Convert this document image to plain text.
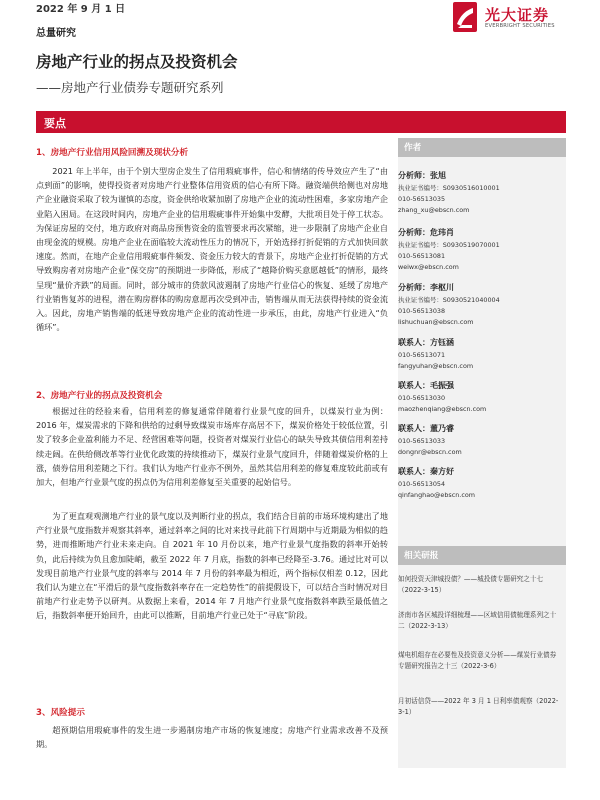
2022 年 9 月 1 日
总量研究
光大证券
EVERBRIGHT SECURITIES
房地产行业的拐点及投资机会
——房地产行业债券专题研究系列
要点
1、房地产行业信用风险回溯及现状分析

2021 年上半年，由于个别大型房企发生了信用瑕疵事件，信心和情绪的传导效应产生了“由点到面”的影响，使得投资者对房地产行业整体信用资质的信心有所下降。融资端供给侧也对房地产企业融资采取了较为谨慎的态度，资金供给收紧加剧了房地产企业的流动性困难，多家房地产企业陷入困局。在这段时间内，房地产企业的信用瑕疵事件开始集中发酵，大批项目处于停工状态。为保证房屋的交付，地方政府对商品房预售资金的监管要求再次紧缩，进一步限制了房地产企业自由现金流的规模。房地产企业在面临较大流动性压力的情况下，开始选择打折促销的方式加快回款速度。然而，在地产企业信用瑕疵事件频发、资金压力较大的背景下，房地产企业打折促销的方式导致购房者对房地产企业“保交房”的预期进一步降低，形成了“越降价购买意愿越低”的情形，最终呈现“量价齐跌”的局面。同时，部分城市的贷款风波遏制了房地产行业信心的恢复、延缓了房地产行业销售复苏的进程，潜在购房群体的购房意愿再次受到冲击，销售端从而无法获得持续的资金流入。因此，房地产销售端的低迷导致房地产企业的流动性进一步承压，由此，房地产行业进入“负循环”。

2、房地产行业的拐点及投资机会

根据过往的经验来看，信用利差的修复通常伴随着行业景气度的回升，以煤炭行业为例：2016 年，煤炭需求的下降和供给的过剩导致煤炭市场库存高居不下，煤炭价格处于较低位置，引发了较多企业盈利能力不足、经营困难等问题，投资者对煤炭行业信心的缺失导致其债信用利差持续走阔。在供给侧改革等行业优化政策的持续推动下，煤炭行业景气度回升，伴随着煤炭价格的上涨，债券信用利差随之下行。我们认为地产行业亦不例外，虽然其信用利差的修复难度较此前或有加大，但地产行业景气度的拐点仍为信用利差修复至关重要的起始信号。

为了更直观观测地产行业的景气度以及判断行业的拐点，我们结合目前的市场环境构建出了地产行业景气度指数并观察其斜率，通过斜率之间的比对来找寻此前下行周期中与近期最为相似的趋势，进而推断地产行业未来走向。自 2021 年 10 月份以来，地产行业景气度指数的斜率开始转负，此后持续为负且愈加陡峭，截至 2022 年 7 月底，指数的斜率已经降至-3.76。通过比对可以发现目前地产行业景气度的斜率与 2014 年 7 月份的斜率最为相近，两个指标仅相差 0.12，因此我们认为建立在“平滑后的景气度指数斜率存在一定趋势性”的前提假设下，可以结合当时情况对目前地产行业走势予以研判。从数据上来看，2014 年 7 月地产行业景气度指数斜率跌至最低值之后，指数斜率便开始回升，由此可以推断，目前地产行业已处于“寻底”阶段。

3、风险提示

超预期信用瑕疵事件的发生进一步遏制房地产市场的恢复速度；房地产行业需求改善不及预期。

作者
分析师：张旭
执业证书编号：S0930516010001
010-56513035
zhang_xu@ebscn.com
分析师：危玮肖
执业证书编号：S0930519070001
010-56513081
weiwx@ebscn.com
分析师：李枢川
执业证书编号：S0930521040004
010-56513038
lishuchuan@ebscn.com
联系人：方钰涵
010-56513071
fangyuhan@ebscn.com
联系人：毛振强
010-56513030
maozhenqiang@ebscn.com
联系人：董乃睿
010-56513033
dongnr@ebscn.com
联系人：秦方好
010-56513054
qinfanghao@ebscn.com
相关研报
如何投资天津城投债？——城投债专题研究之十七（2022-3-15）
济南市各区城投详细梳理——区域信用债梳理系列之十二（2022-3-13）
煤电机组存在必要性及投资意义分析——煤炭行业债券专题研究报告之十三（2022-3-6）
月初话信贷——2022 年 3 月 1 日利率债观察（2022-3-1）
